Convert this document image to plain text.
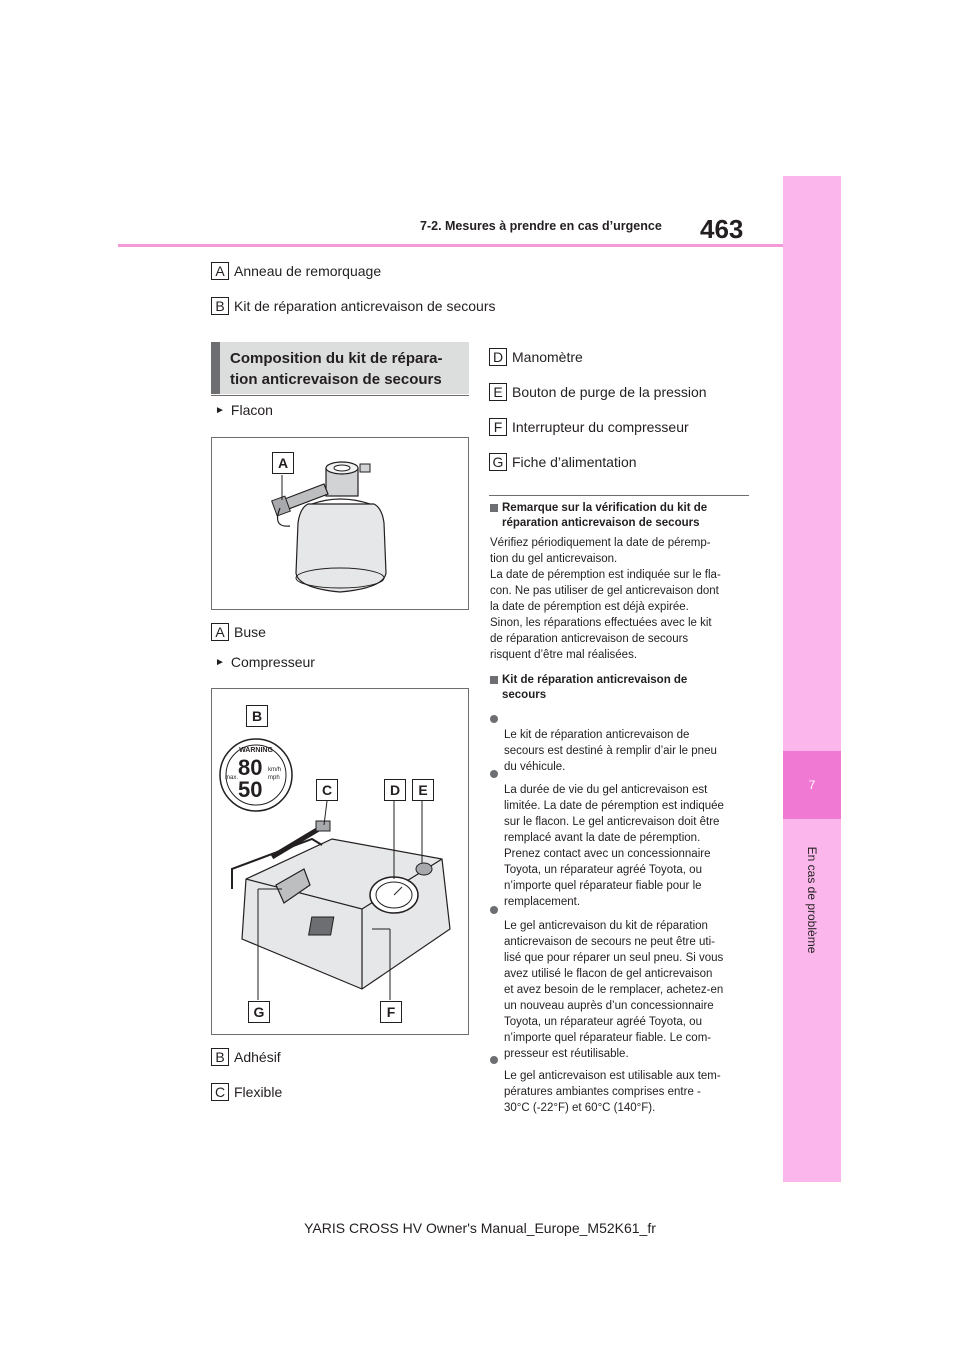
7-2. Mesures à prendre en cas d’urgence 463
7
En cas de problème
A Anneau de remorquage
B Kit de réparation anticrevaison de secours
Composition du kit de répara-
tion anticrevaison de secours
► Flacon
A
A Buse
► Compresseur
WARNING
80
50
km/h
mph
max.
B
C	D	E
G	F
B Adhésif
C Flexible
D Manomètre
E Bouton de purge de la pression
F Interrupteur du compresseur
G Fiche d’alimentation
Remarque sur la vérification du kit de
réparation anticrevaison de secours
Vérifiez périodiquement la date de péremp-
tion du gel anticrevaison.
La date de péremption est indiquée sur le fla-
con. Ne pas utiliser de gel anticrevaison dont
la date de péremption est déjà expirée.
Sinon, les réparations effectuées avec le kit
de réparation anticrevaison de secours
risquent d’être mal réalisées.
Kit de réparation anticrevaison de
secours

Le kit de réparation anticrevaison de
secours est destiné à remplir d’air le pneu
du véhicule.

La durée de vie du gel anticrevaison est
limitée. La date de péremption est indiquée
sur le flacon. Le gel anticrevaison doit être
remplacé avant la date de péremption.
Prenez contact avec un concessionnaire
Toyota, un réparateur agréé Toyota, ou
n’importe quel réparateur fiable pour le
remplacement.

Le gel anticrevaison du kit de réparation
anticrevaison de secours ne peut être uti-
lisé que pour réparer un seul pneu. Si vous
avez utilisé le flacon de gel anticrevaison
et avez besoin de le remplacer, achetez-en
un nouveau auprès d’un concessionnaire
Toyota, un réparateur agréé Toyota, ou
n’importe quel réparateur fiable. Le com-
presseur est réutilisable.

Le gel anticrevaison est utilisable aux tem-
pératures ambiantes comprises entre -
30°C (-22°F) et 60°C (140°F).

YARIS CROSS HV Owner's Manual_Europe_M52K61_fr
